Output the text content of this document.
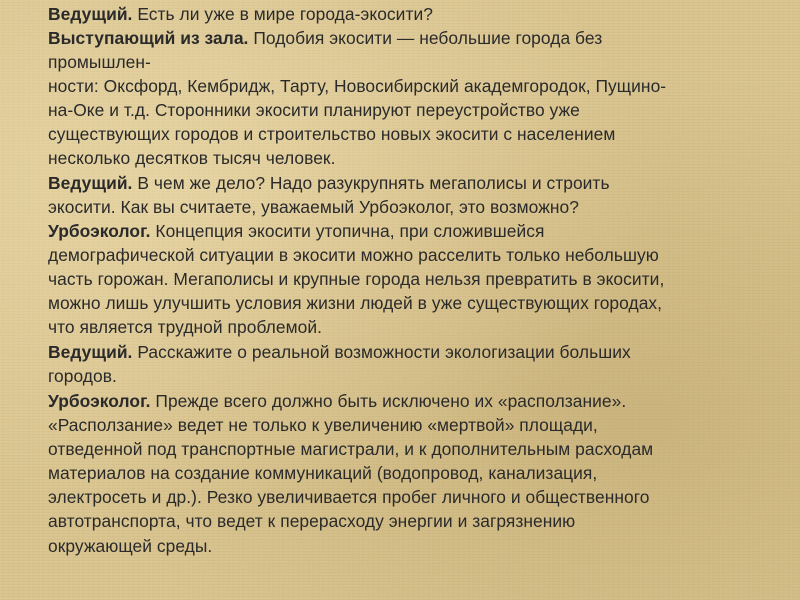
Ведущий. Есть ли уже в мире города-экосити?
Выступающий из зала. Подобия экосити — небольшие города без
промышлен-
ности: Оксфорд, Кембридж, Тарту, Новосибирский академгородок, Пущино-
на-Оке и т.д. Сторонники экосити планируют переустройство уже
существующих городов и строительство новых экосити с населением
несколько десятков тысяч человек.
Ведущий. В чем же дело? Надо разукрупнять мегаполисы и строить
экосити. Как вы считаете, уважаемый Урбоэколог, это возможно?
Урбоэколог. Концепция экосити утопична, при сложившейся
демографической ситуации в экосити можно расселить только небольшую
часть горожан. Мегаполисы и крупные города нельзя превратить в экосити,
можно лишь улучшить условия жизни людей в уже существующих городах,
что является трудной проблемой.
Ведущий. Расскажите о реальной возможности экологизации больших
городов.
Урбоэколог. Прежде всего должно быть исключено их «расползание».
«Расползание» ведет не только к увеличению «мертвой» площади,
отведенной под транспортные магистрали, и к дополнительным расходам
материалов на создание коммуникаций (водопровод, канализация,
электросеть и др.). Резко увеличивается пробег личного и общественного
автотранспорта, что ведет к перерасходу энергии и загрязнению
окружающей среды.
